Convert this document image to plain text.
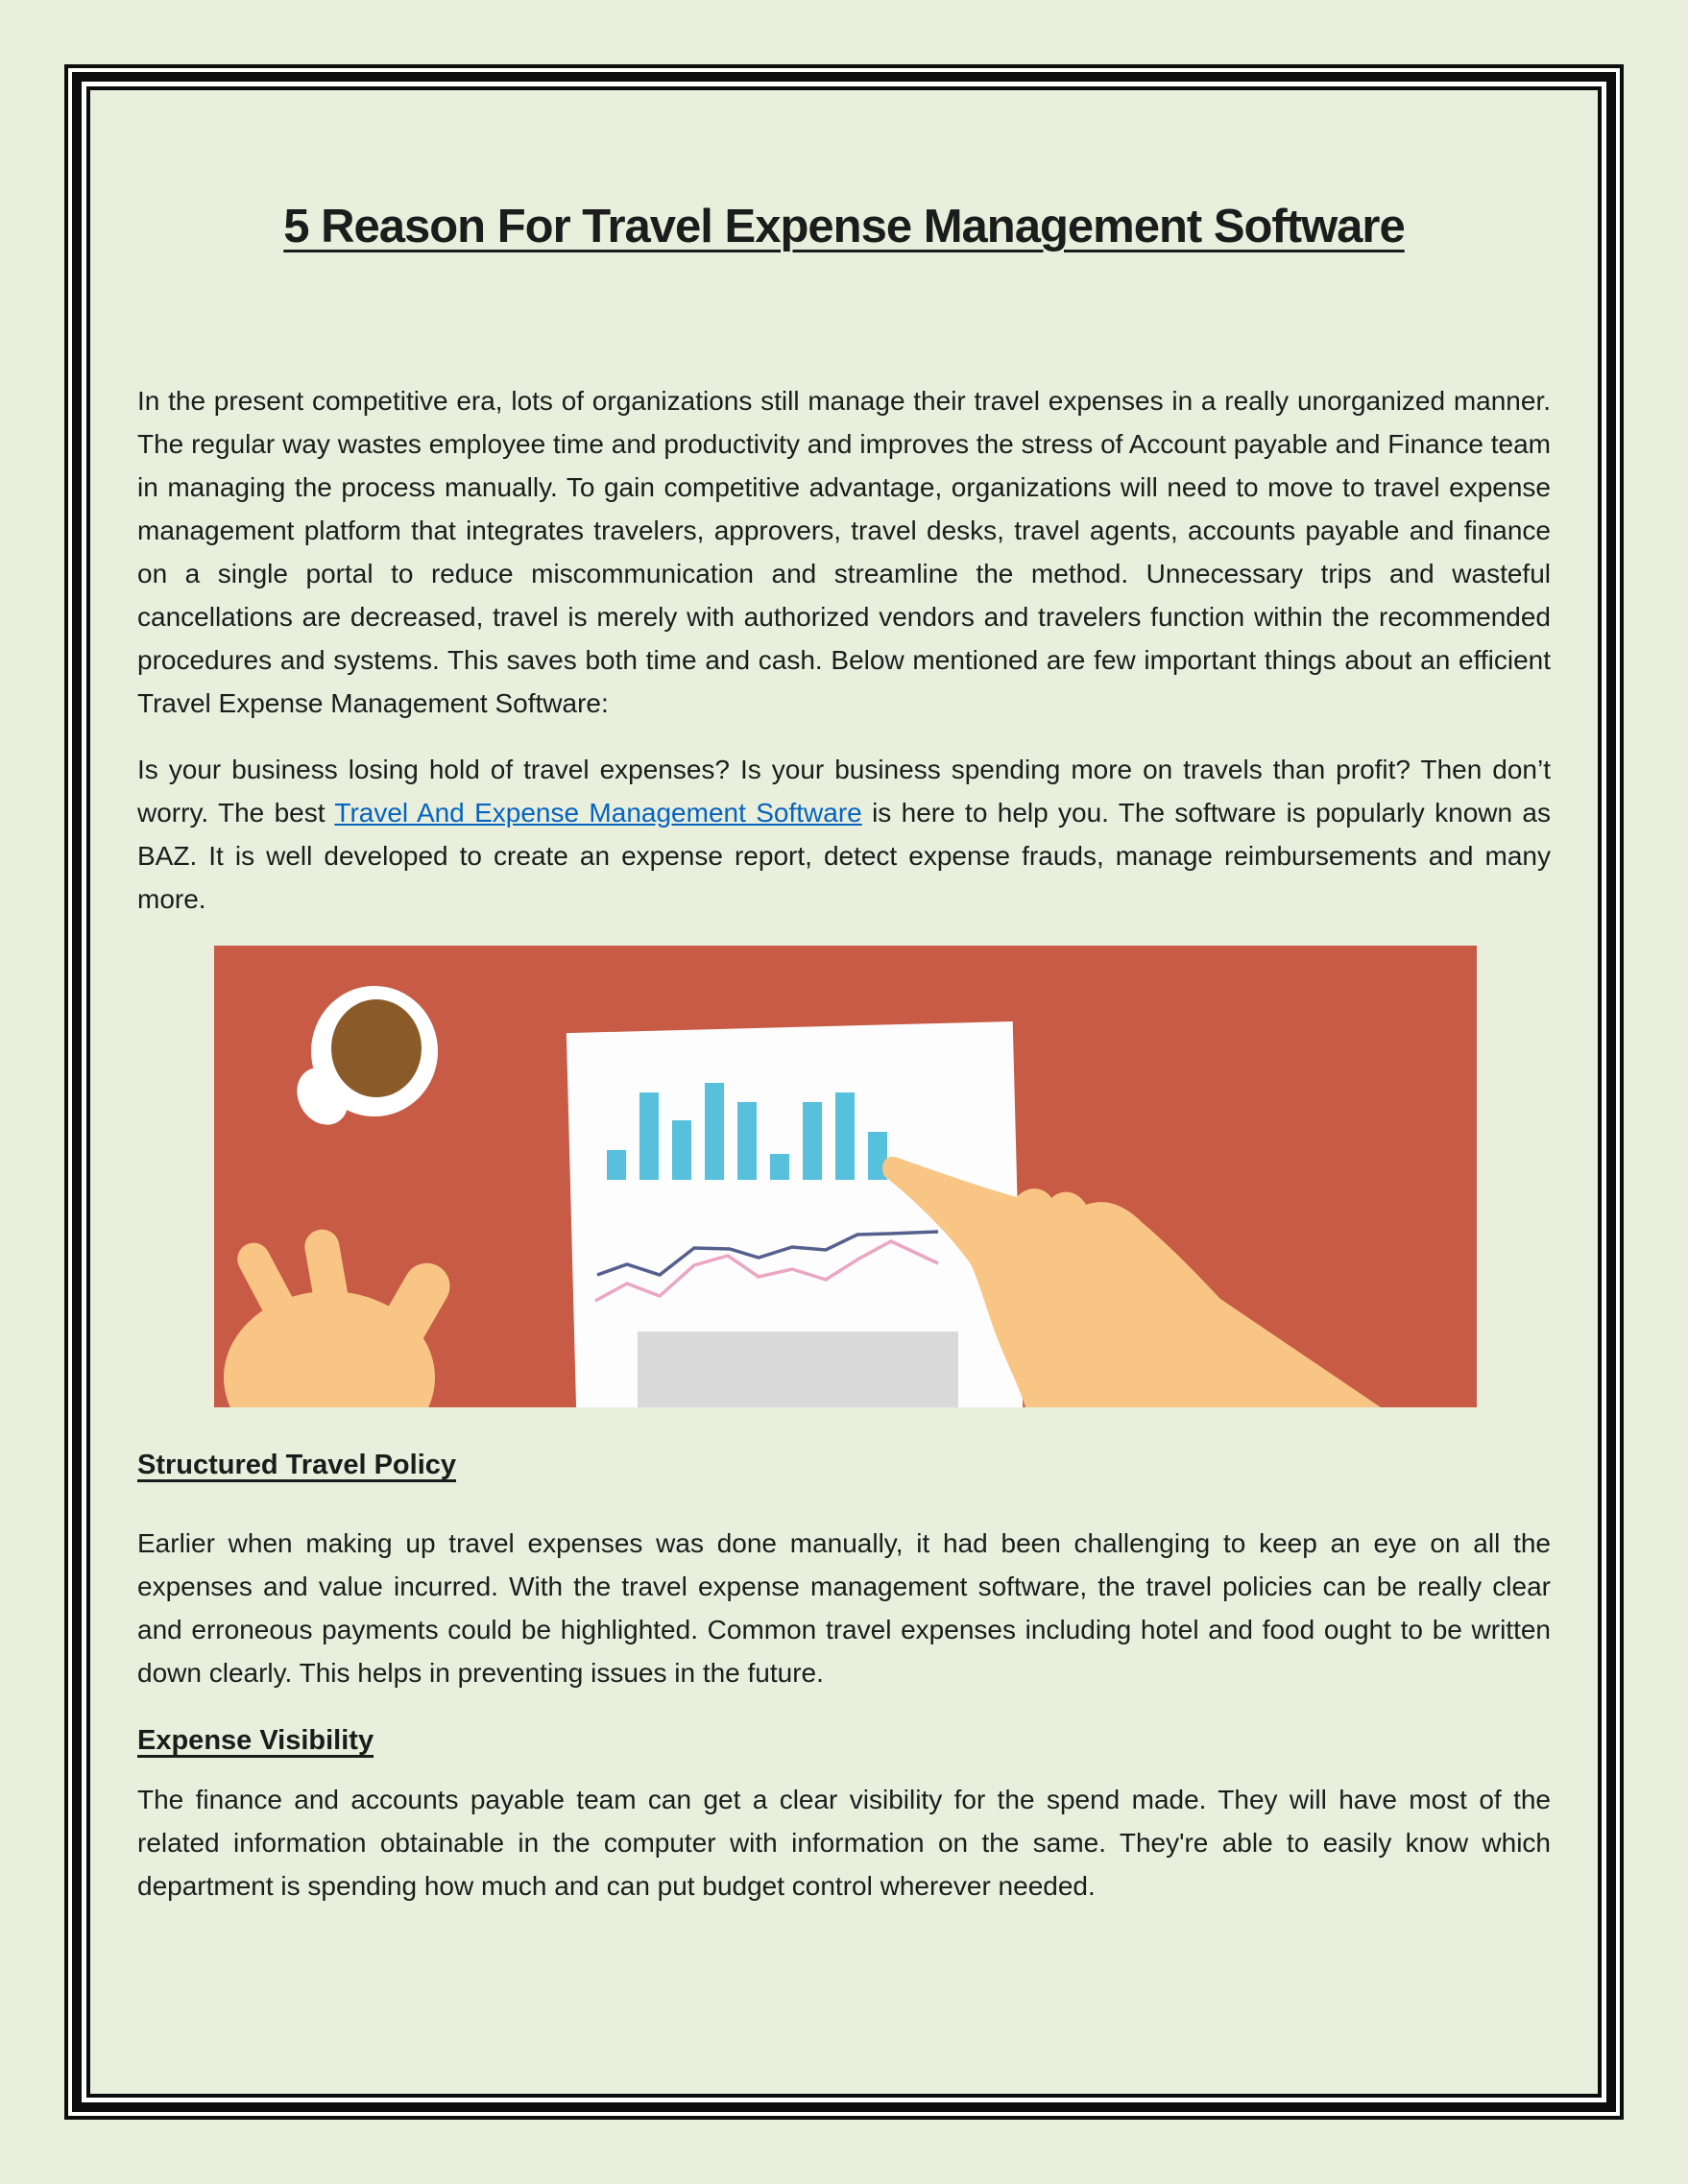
5 Reason For Travel Expense Management Software

In the present competitive era, lots of organizations still manage their travel expenses in a really unorganized manner. The regular way wastes employee time and productivity and improves the stress of Account payable and Finance team in managing the process manually. To gain competitive advantage, organizations will need to move to travel expense management platform that integrates travelers, approvers, travel desks, travel agents, accounts payable and finance on a single portal to reduce miscommunication and streamline the method. Unnecessary trips and wasteful cancellations are decreased, travel is merely with authorized vendors and travelers function within the recommended procedures and systems. This saves both time and cash. Below mentioned are few important things about an efficient Travel Expense Management Software:

Is your business losing hold of travel expenses? Is your business spending more on travels than profit? Then don’t worry. The best Travel And Expense Management Software is here to help you. The software is popularly known as BAZ. It is well developed to create an expense report, detect expense frauds, manage reimbursements and many more.

Structured Travel Policy

Earlier when making up travel expenses was done manually, it had been challenging to keep an eye on all the expenses and value incurred. With the travel expense management software, the travel policies can be really clear and erroneous payments could be highlighted. Common travel expenses including hotel and food ought to be written down clearly. This helps in preventing issues in the future.

Expense Visibility

The finance and accounts payable team can get a clear visibility for the spend made. They will have most of the related information obtainable in the computer with information on the same. They're able to easily know which department is spending how much and can put budget control wherever needed.
